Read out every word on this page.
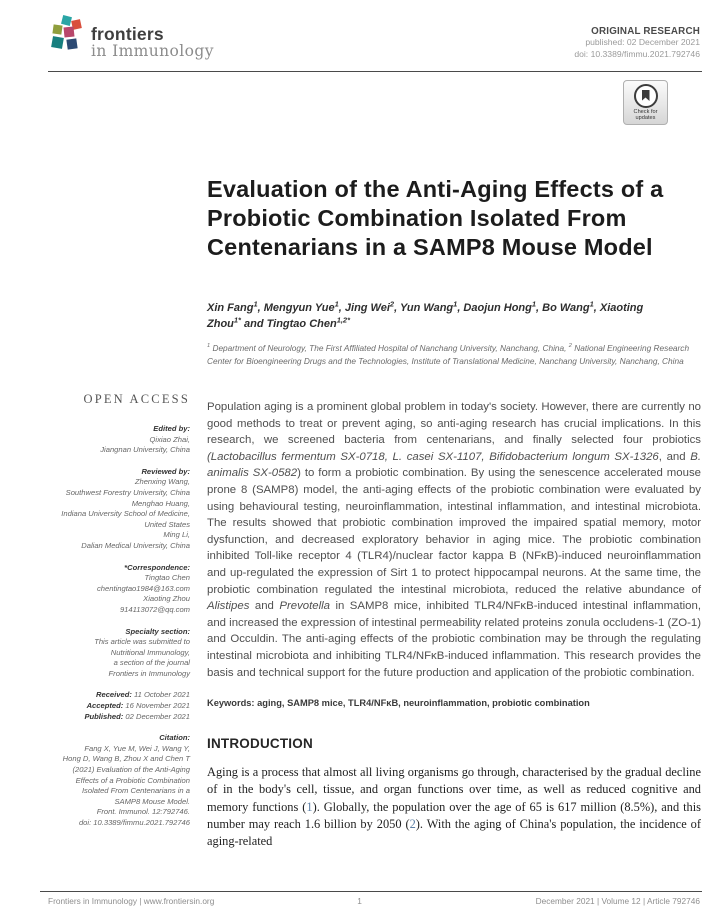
frontiers
in Immunology
ORIGINAL RESEARCH
published: 02 December 2021
doi: 10.3389/fimmu.2021.792746
Check for
updates
Evaluation of the Anti-Aging Effects of a Probiotic Combination Isolated From Centenarians in a SAMP8 Mouse Model
Xin Fang$^1$, Mengyun Yue$^1$, Jing Wei$^2$, Yun Wang$^1$, Daojun Hong$^1$, Bo Wang$^1$, Xiaoting Zhou$^{1*}$ and Tingtao Chen$^{1,2*}$
$^1$ Department of Neurology, The First Affiliated Hospital of Nanchang University, Nanchang, China, $^2$ National Engineering Research Center for Bioengineering Drugs and the Technologies, Institute of Translational Medicine, Nanchang University, Nanchang, China
OPEN ACCESS
Edited by:
Qixiao Zhai,
Jiangnan University, China
Reviewed by:
Zhenxing Wang,
Southwest Forestry University, China
Menghao Huang,
Indiana University School of Medicine,
United States
Ming Li,
Dalian Medical University, China
*Correspondence:
Tingtao Chen
chentingtao1984@163.com
Xiaoting Zhou
914113072@qq.com
Specialty section:
This article was submitted to
Nutritional Immunology,
a section of the journal
Frontiers in Immunology
Received: 11 October 2021
Accepted: 16 November 2021
Published: 02 December 2021
Citation:
Fang X, Yue M, Wei J, Wang Y,
Hong D, Wang B, Zhou X and Chen T
(2021) Evaluation of the Anti-Aging
Effects of a Probiotic Combination
Isolated From Centenarians in a
SAMP8 Mouse Model.
Front. Immunol. 12:792746.
doi: 10.3389/fimmu.2021.792746

Population aging is a prominent global problem in today's society. However, there are currently no good methods to treat or prevent aging, so anti-aging research has crucial implications. In this research, we screened bacteria from centenarians, and finally selected four probiotics (Lactobacillus fermentum SX-0718, L. casei SX-1107, Bifidobacterium longum SX-1326, and B. animalis SX-0582) to form a probiotic combination. By using the senescence accelerated mouse prone 8 (SAMP8) model, the anti-aging effects of the probiotic combination were evaluated by using behavioural testing, neuroinflammation, intestinal inflammation, and intestinal microbiota. The results showed that probiotic combination improved the impaired spatial memory, motor dysfunction, and decreased exploratory behavior in aging mice. The probiotic combination inhibited Toll-like receptor 4 (TLR4)/nuclear factor kappa B (NFκB)-induced neuroinflammation and up-regulated the expression of Sirt 1 to protect hippocampal neurons. At the same time, the probiotic combination regulated the intestinal microbiota, reduced the relative abundance of Alistipes and Prevotella in SAMP8 mice, inhibited TLR4/NFκB-induced intestinal inflammation, and increased the expression of intestinal permeability related proteins zonula occludens-1 (ZO-1) and Occuldin. The anti-aging effects of the probiotic combination may be through the regulating intestinal microbiota and inhibiting TLR4/NFκB-induced inflammation. This research provides the basis and technical support for the future production and application of the probiotic combination.

Keywords: aging, SAMP8 mice, TLR4/NFκB, neuroinflammation, probiotic combination

INTRODUCTION

Aging is a process that almost all living organisms go through, characterised by the gradual decline of in the body's cell, tissue, and organ functions over time, as well as reduced cognitive and memory functions (1). Globally, the population over the age of 65 is 617 million (8.5%), and this number may reach 1.6 billion by 2050 (2). With the aging of China's population, the incidence of aging-related

Frontiers in Immunology | www.frontiersin.org	1	December 2021 | Volume 12 | Article 792746
